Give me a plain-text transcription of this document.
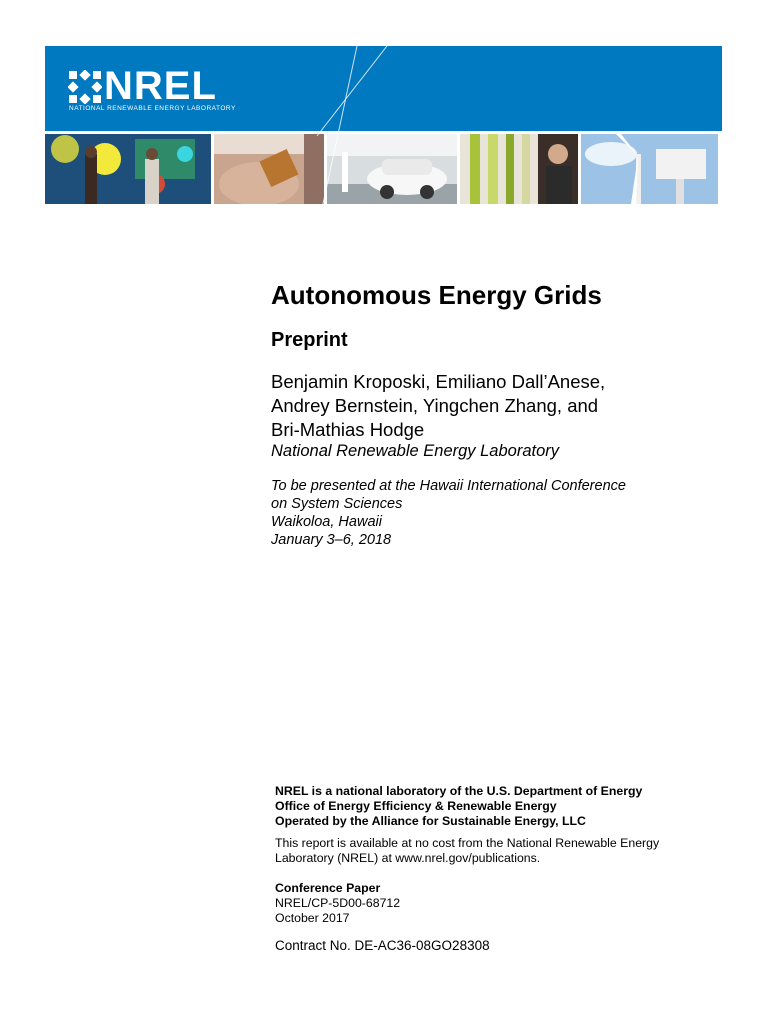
NREL
NATIONAL RENEWABLE ENERGY LABORATORY
Autonomous Energy Grids
Preprint
Benjamin Kroposki, Emiliano Dall’Anese,
Andrey Bernstein, Yingchen Zhang, and
Bri-Mathias Hodge
National Renewable Energy Laboratory
To be presented at the Hawaii International Conference
on System Sciences
Waikoloa, Hawaii
January 3–6, 2018
NREL is a national laboratory of the U.S. Department of Energy
Office of Energy Efficiency & Renewable Energy
Operated by the Alliance for Sustainable Energy, LLC
This report is available at no cost from the National Renewable Energy
Laboratory (NREL) at www.nrel.gov/publications.
Conference Paper
NREL/CP-5D00-68712
October 2017
Contract No. DE-AC36-08GO28308
